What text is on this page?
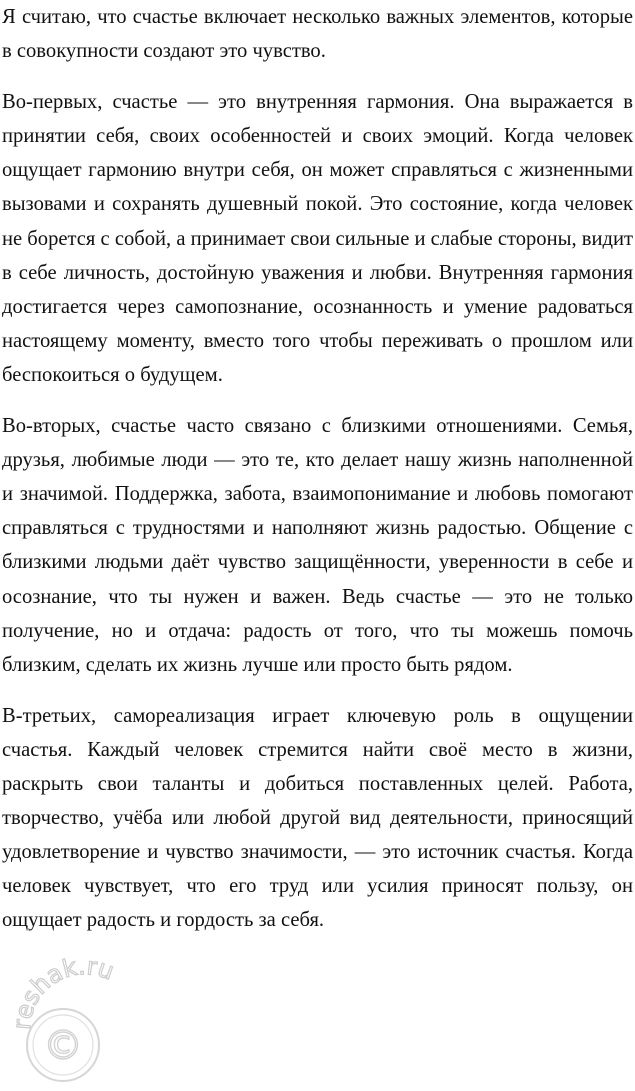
Я считаю, что счастье включает несколько важных элементов, которые в совокупности создают это чувство.

Во-первых, счастье — это внутренняя гармония. Она выражается в принятии себя, своих особенностей и своих эмоций. Когда человек ощущает гармонию внутри себя, он может справляться с жизненными вызовами и сохранять душевный покой. Это состояние, когда человек не борется с собой, а принимает свои сильные и слабые стороны, видит в себе личность, достойную уважения и любви. Внутренняя гармония достигается через самопознание, осознанность и умение радоваться настоящему моменту, вместо того чтобы переживать о прошлом или беспокоиться о будущем.

Во-вторых, счастье часто связано с близкими отношениями. Семья, друзья, любимые люди — это те, кто делает нашу жизнь наполненной и значимой. Поддержка, забота, взаимопонимание и любовь помогают справляться с трудностями и наполняют жизнь радостью. Общение с близкими людьми даёт чувство защищённости, уверенности в себе и осознание, что ты нужен и важен. Ведь счастье — это не только получение, но и отдача: радость от того, что ты можешь помочь близким, сделать их жизнь лучше или просто быть рядом.

В-третьих, самореализация играет ключевую роль в ощущении счастья. Каждый человек стремится найти своё место в жизни, раскрыть свои таланты и добиться поставленных целей. Работа, творчество, учёба или любой другой вид деятельности, приносящий удовлетворение и чувство значимости, — это источник счастья. Когда человек чувствует, что его труд или усилия приносят пользу, он ощущает радость и гордость за себя.

©
reshak.ru
